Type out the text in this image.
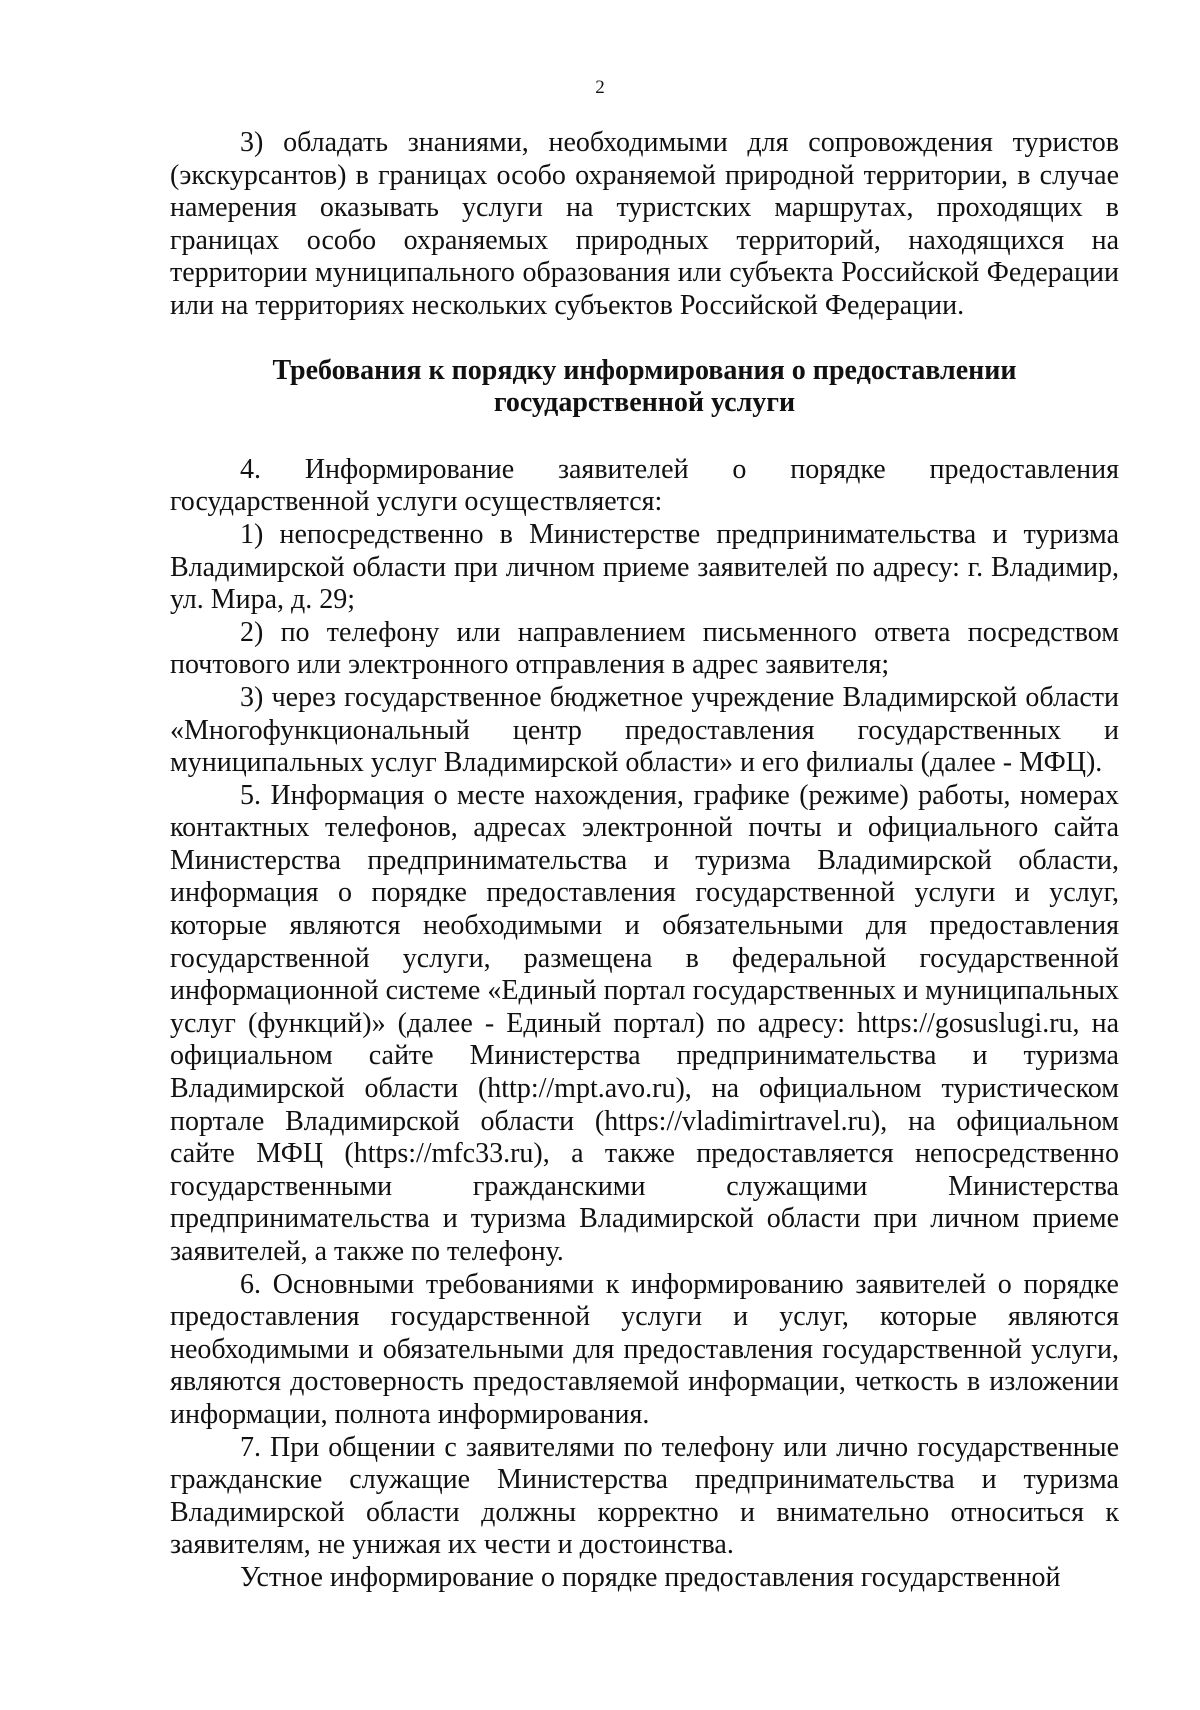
2

3) обладать знаниями, необходимыми для сопровождения туристов (экскурсантов) в границах особо охраняемой природной территории, в случае намерения оказывать услуги на туристских маршрутах, проходящих в границах особо охраняемых природных территорий, находящихся на территории муниципального образования или субъекта Российской Федерации или на территориях нескольких субъектов Российской Федерации.

Требования к порядку информирования о предоставлении
государственной услуги

4. Информирование заявителей о порядке предоставления государственной услуги осуществляется:

1) непосредственно в Министерстве предпринимательства и туризма Владимирской области при личном приеме заявителей по адресу: г. Владимир, ул. Мира, д. 29;

2) по телефону или направлением письменного ответа посредством почтового или электронного отправления в адрес заявителя;

3) через государственное бюджетное учреждение Владимирской области «Многофункциональный центр предоставления государственных и муниципальных услуг Владимирской области» и его филиалы (далее - МФЦ).

5. Информация о месте нахождения, графике (режиме) работы, номерах контактных телефонов, адресах электронной почты и официального сайта Министерства предпринимательства и туризма Владимирской области, информация о порядке предоставления государственной услуги и услуг, которые являются необходимыми и обязательными для предоставления государственной услуги, размещена в федеральной государственной информационной системе «Единый портал государственных и муниципальных услуг (функций)» (далее - Единый портал) по адресу: https://gosuslugi.ru, на официальном сайте Министерства предпринимательства и туризма Владимирской области (http://mpt.avo.ru), на официальном туристическом портале Владимирской области (https://vladimirtravel.ru), на официальном сайте МФЦ (https://mfc33.ru), а также предоставляется непосредственно государственными гражданскими служащими Министерства предпринимательства и туризма Владимирской области при личном приеме заявителей, а также по телефону.

6. Основными требованиями к информированию заявителей о порядке предоставления государственной услуги и услуг, которые являются необходимыми и обязательными для предоставления государственной услуги, являются достоверность предоставляемой информации, четкость в изложении информации, полнота информирования.

7. При общении с заявителями по телефону или лично государственные гражданские служащие Министерства предпринимательства и туризма Владимирской области должны корректно и внимательно относиться к заявителям, не унижая их чести и достоинства.

Устное информирование о порядке предоставления государственной
